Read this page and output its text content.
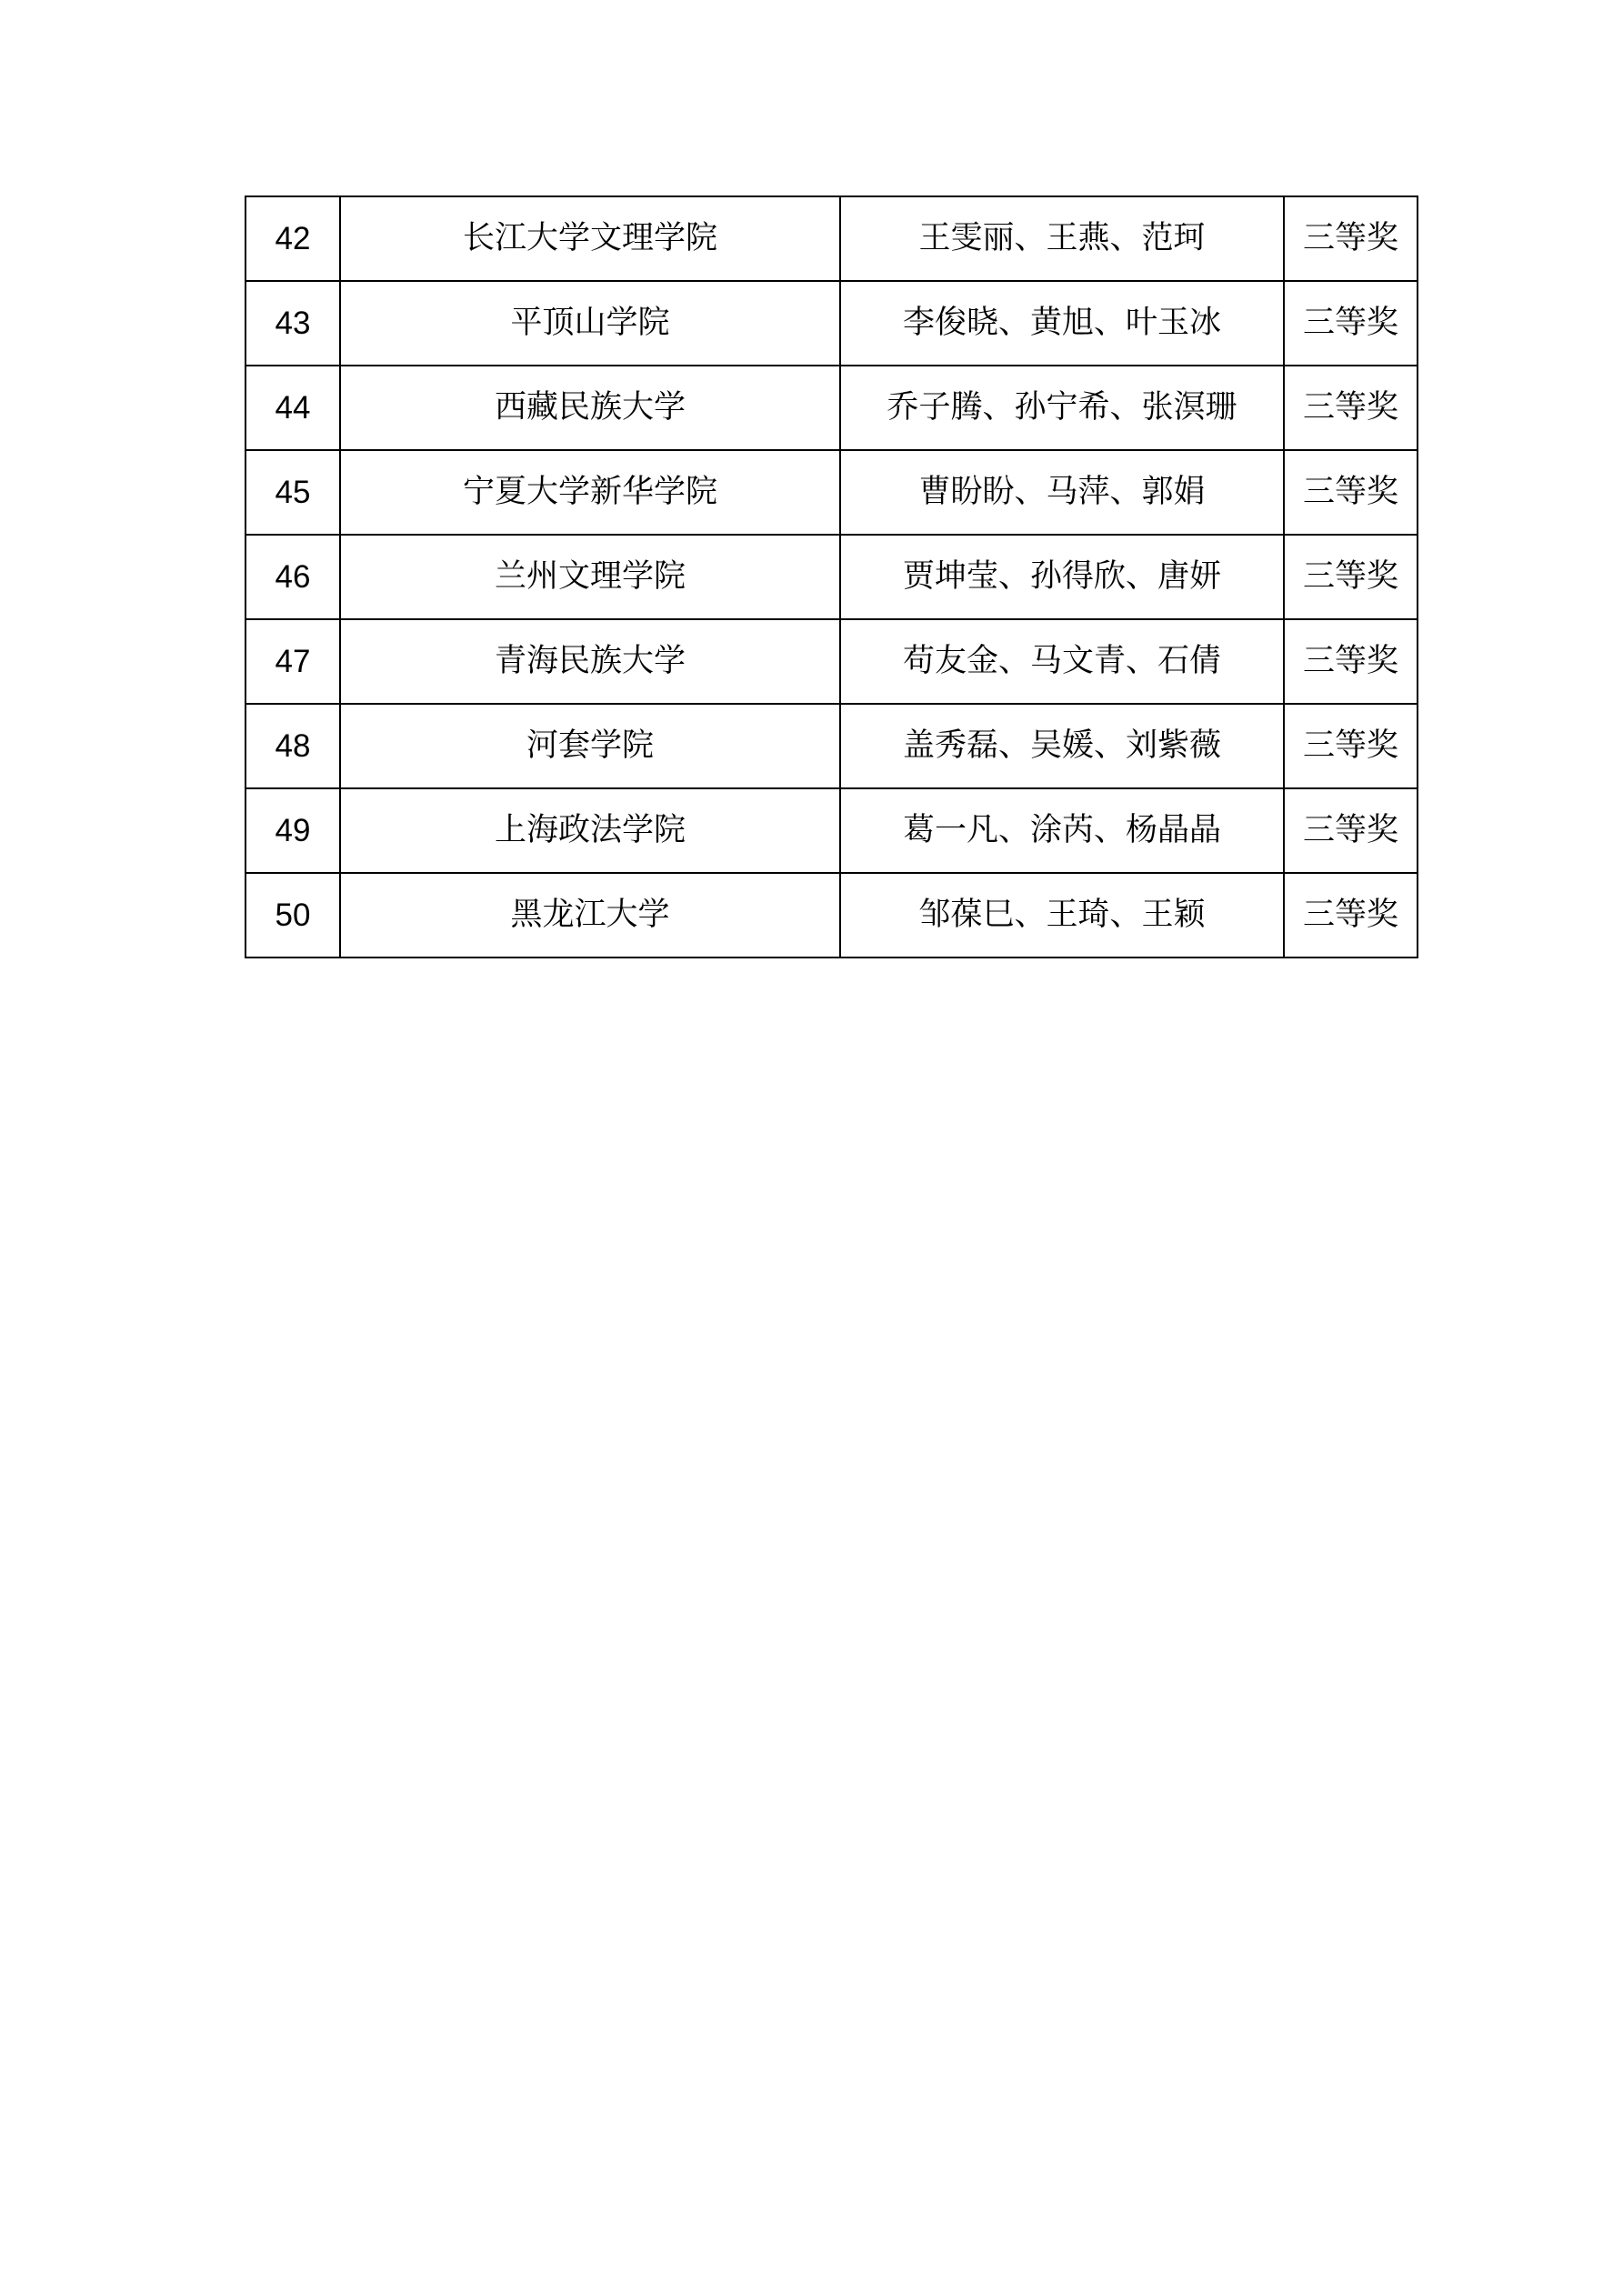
42	长江大学文理学院	王雯丽、王燕、范珂	三等奖
43	平顶山学院	李俊晓、黄旭、叶玉冰	三等奖
44	西藏民族大学	乔子腾、孙宁希、张溟珊	三等奖
45	宁夏大学新华学院	曹盼盼、马萍、郭娟	三等奖
46	兰州文理学院	贾坤莹、孙得欣、唐妍	三等奖
47	青海民族大学	苟友金、马文青、石倩	三等奖
48	河套学院	盖秀磊、吴媛、刘紫薇	三等奖
49	上海政法学院	葛一凡、涂芮、杨晶晶	三等奖
50	黑龙江大学	邹葆巳、王琦、王颖	三等奖
